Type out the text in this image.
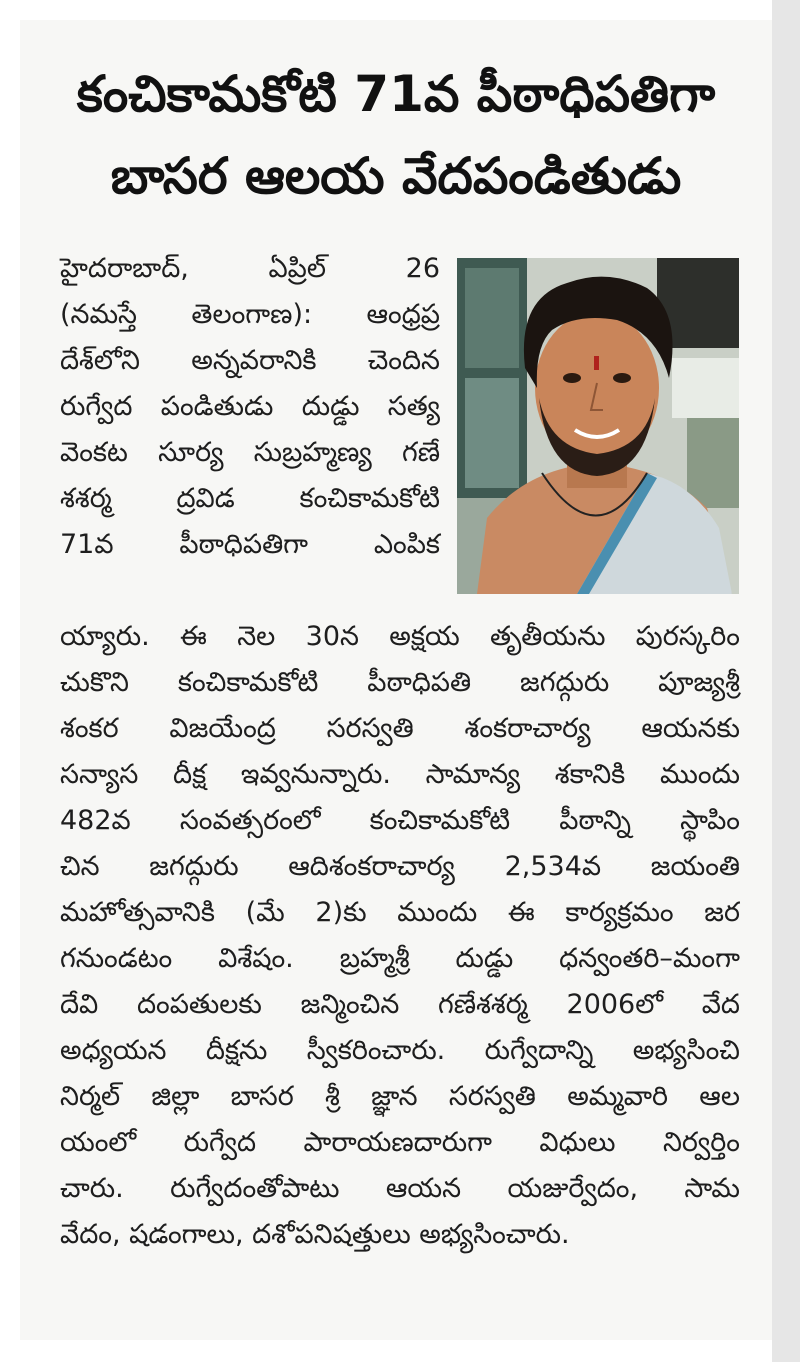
కంచికామకోటి 71వ పీఠాధిపతిగా
బాసర ఆలయ వేదపండితుడు
హైదరాబాద్, ఏప్రిల్ 26
(నమస్తే తెలంగాణ): ఆంధ్రప్ర
దేశ్‌లోని అన్నవరానికి చెందిన
రుగ్వేద పండితుడు దుడ్డు సత్య
వెంకట సూర్య సుబ్రహ్మణ్య గణే
శశర్మ ద్రవిడ కంచికామకోటి
71వ పీఠాధిపతిగా ఎంపిక
య్యారు. ఈ నెల 30న అక్షయ తృతీయను పురస్కరిం
చుకొని కంచికామకోటి పీఠాధిపతి జగద్గురు పూజ్యశ్రీ
శంకర విజయేంద్ర సరస్వతి శంకరాచార్య ఆయనకు
సన్యాస దీక్ష ఇవ్వనున్నారు. సామాన్య శకానికి ముందు
482వ సంవత్సరంలో కంచికామకోటి పీఠాన్ని స్థాపిం
చిన జగద్గురు ఆదిశంకరాచార్య 2,534వ జయంతి
మహోత్సవానికి (మే 2)కు ముందు ఈ కార్యక్రమం జర
గనుండటం విశేషం. బ్రహ్మశ్రీ దుడ్డు ధన్వంతరి–మంగా
దేవి దంపతులకు జన్మించిన గణేశశర్మ 2006లో వేద
అధ్యయన దీక్షను స్వీకరించారు. రుగ్వేదాన్ని అభ్యసించి
నిర్మల్ జిల్లా బాసర శ్రీ జ్ఞాన సరస్వతి అమ్మవారి ఆల
యంలో రుగ్వేద పారాయణదారుగా విధులు నిర్వర్తిం
చారు. రుగ్వేదంతోపాటు ఆయన యజుర్వేదం, సామ
వేదం, షడంగాలు, దశోపనిషత్తులు అభ్యసించారు.
